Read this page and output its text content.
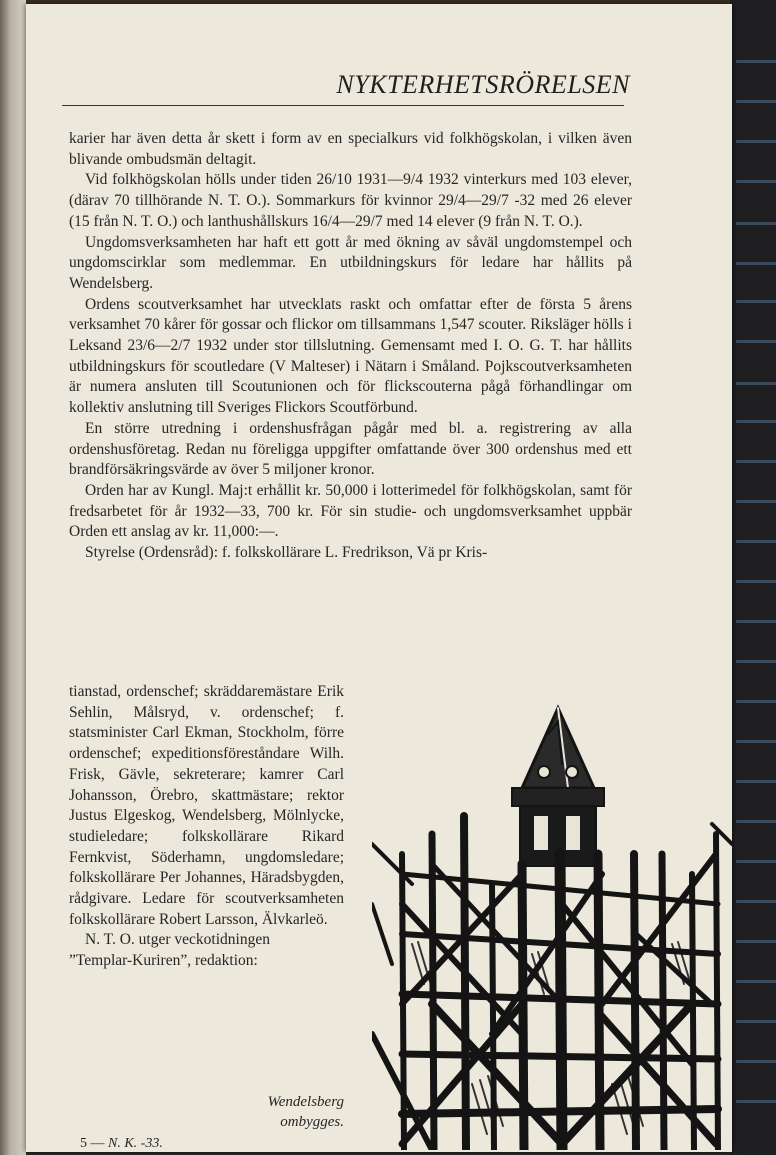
NYKTERHETSRÖRELSEN

karier har även detta år skett i form av en specialkurs vid folkhögskolan, i vilken även blivande ombudsmän deltagit.

Vid folkhögskolan hölls under tiden 26/10 1931—9/4 1932 vinterkurs med 103 elever, (därav 70 tillhörande N. T. O.). Sommarkurs för kvinnor 29/4—29/7 -32 med 26 elever (15 från N. T. O.) och lanthushållskurs 16/4—29/7 med 14 elever (9 från N. T. O.).

Ungdomsverksamheten har haft ett gott år med ökning av såväl ungdomstempel och ungdomscirklar som medlemmar. En utbildningskurs för ledare har hållits på Wendelsberg.

Ordens scoutverksamhet har utvecklats raskt och omfattar efter de första 5 årens verksamhet 70 kårer för gossar och flickor om tillsammans 1,547 scouter. Riksläger hölls i Leksand 23/6—2/7 1932 under stor tillslutning. Gemensamt med I. O. G. T. har hållits utbildningskurs för scoutledare (V Malteser) i Nätarn i Småland. Pojkscoutverksamheten är numera ansluten till Scoutunionen och för flickscouterna pågå förhandlingar om kollektiv anslutning till Sveriges Flickors Scoutförbund.

En större utredning i ordenshusfrågan pågår med bl. a. registrering av alla ordenshusföretag. Redan nu föreligga uppgifter omfattande över 300 ordenshus med ett brandförsäkringsvärde av över 5 miljoner kronor.

Orden har av Kungl. Maj:t erhållit kr. 50,000 i lotterimedel för folkhögskolan, samt för fredsarbetet för år 1932—33, 700 kr. För sin studie- och ungdomsverksamhet uppbär Orden ett anslag av kr. 11,000:—.

Styrelse (Ordensråd): f. folkskollärare L. Fredrikson, Vä pr Kris-

tianstad, ordenschef; skräddaremästare Erik Sehlin, Målsryd, v. ordenschef; f. statsminister Carl Ekman, Stockholm, förre ordenschef; expeditionsföreståndare Wilh. Frisk, Gävle, sekreterare; kamrer Carl Johansson, Örebro, skattmästare; rektor Justus Elgeskog, Wendelsberg, Mölnlycke, studieledare; folkskollärare Rikard Fernkvist, Söderhamn, ungdomsledare; folkskollärare Per Johannes, Häradsbygden, rådgivare. Ledare för scoutverksamheten folkskollärare Robert Larsson, Älvkarleö.

N. T. O. utger veckotidningen

”Templar-Kuriren”, redaktion:

Wendelsberg
ombygges.
5 — N. K. -33.
